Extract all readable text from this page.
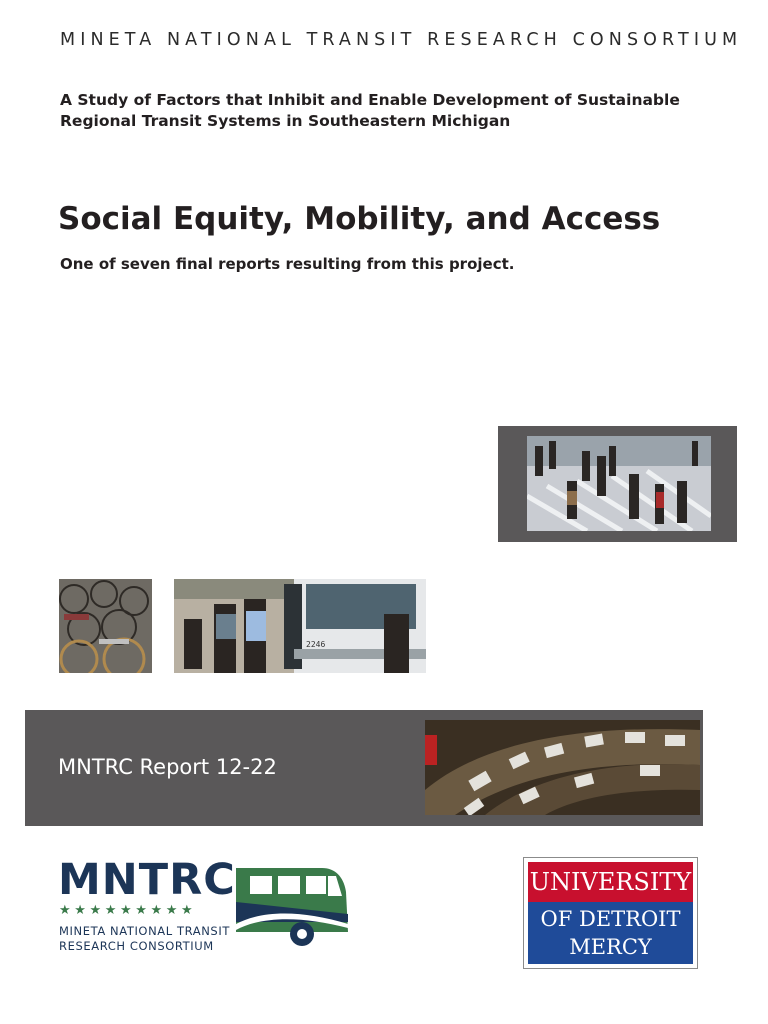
MINETA NATIONAL TRANSIT RESEARCH CONSORTIUM
A Study of Factors that Inhibit and Enable Development of Sustainable
Regional Transit Systems in Southeastern Michigan
Social Equity, Mobility, and Access
One of seven final reports resulting from this project.
2246
MNTRC Report 12-22
MNTRC
★★★★★★★★★
MINETA NATIONAL TRANSIT
RESEARCH CONSORTIUM
UNIVERSITY
OF DETROIT
MERCY
